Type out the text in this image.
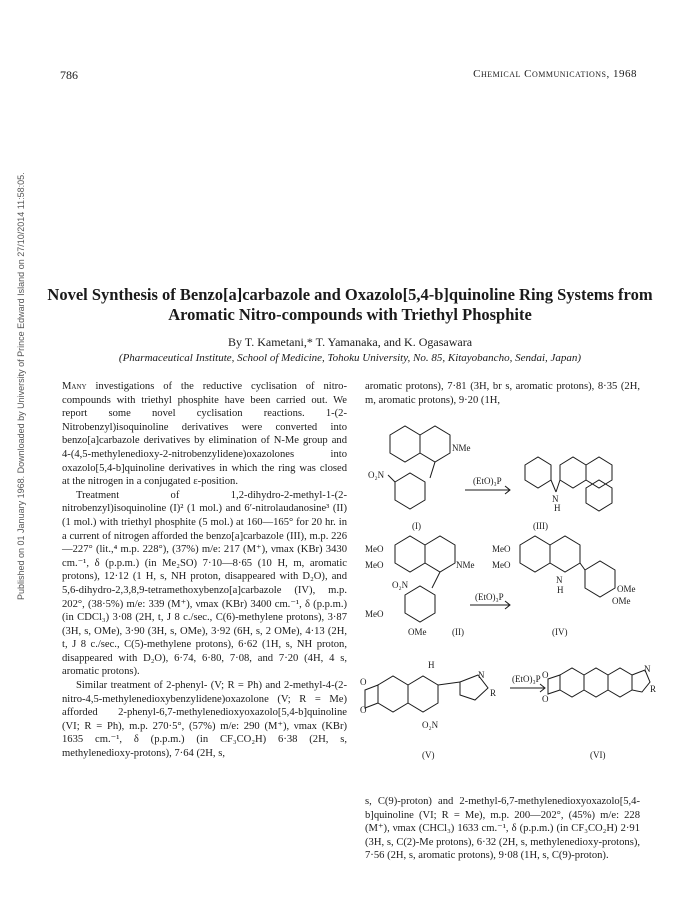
Published on 01 January 1968. Downloaded by University of Prince Edward Island on 27/10/2014 11:58:05.
786	Chemical Communications, 1968
Novel Synthesis of Benzo[a]carbazole and Oxazolo[5,4-b]quinoline Ring Systems from Aromatic Nitro-compounds with Triethyl Phosphite
By T. Kametani,* T. Yamanaka, and K. Ogasawara
(Pharmaceutical Institute, School of Medicine, Tohoku University, No. 85, Kitayobancho, Sendai, Japan)

Many investigations of the reductive cyclisation of nitro-compounds with triethyl phosphite have been carried out. We report some novel cyclisation reactions. 1-(2-Nitrobenzyl)isoquinoline derivatives were converted into benzo[a]carbazole derivatives by elimination of N-Me group and 4-(4,5-methylenedioxy-2-nitrobenzylidene)oxazolones into oxazolo[5,4-b]quinoline derivatives in which the ring was closed at the nitrogen in a conjugated ε-position.

Treatment of 1,2-dihydro-2-methyl-1-(2-nitrobenzyl)isoquinoline (I)² (1 mol.) and 6′-nitrolaudanosine³ (II) (1 mol.) with triethyl phosphite (5 mol.) at 160—165° for 20 hr. in a current of nitrogen afforded the benzo[a]carbazole (III), m.p. 226—227° (lit.,⁴ m.p. 228°), (37%) m/e: 217 (M⁺), νmax (KBr) 3430 cm.⁻¹, δ (p.p.m.) (in Me₂SO) 7·10—8·65 (10 H, m, aromatic protons), 12·12 (1 H, s, NH proton, disappeared with D₂O), and 5,6-dihydro-2,3,8,9-tetramethoxybenzo[a]carbazole (IV), m.p. 202°, (38·5%) m/e: 339 (M⁺), νmax (KBr) 3400 cm.⁻¹, δ (p.p.m.) (in CDCl₃) 3·08 (2H, t, J 8 c./sec., C(6)-methylene protons), 3·87 (3H, s, OMe), 3·90 (3H, s, OMe), 3·92 (6H, s, 2 OMe), 4·13 (2H, t, J 8 c./sec., C(5)-methylene protons), 6·62 (1H, s, NH proton, disappeared with D₂O), 6·74, 6·80, 7·08, and 7·20 (4H, 4 s, aromatic protons).

Similar treatment of 2-phenyl- (V; R = Ph) and 2-methyl-4-(2-nitro-4,5-methylenedioxybenzylidene)oxazolone (V; R = Me) afforded 2-phenyl-6,7-methylenedioxyoxazolo[5,4-b]quinoline (VI; R = Ph), m.p. 270·5°, (57%) m/e: 290 (M⁺), νmax (KBr) 1635 cm.⁻¹, δ (p.p.m.) (in CF₃CO₂H) 6·38 (2H, s, methylenedioxy-protons), 7·64 (2H, s,

aromatic protons), 7·81 (3H, br s, aromatic protons), 8·35 (2H, m, aromatic protons), 9·20 (1H,

NMe
O₂N
(EtO)₃P
N
H
(I)	(III)
MeO
MeO	NMe
O₂N
MeO
OMe	(II)
(EtO)₃P
MeO
MeO
N
H	OMe
OMe
(IV)
H
O
O
N
R
O₂N
(EtO)₃P O
O
N
R
(V)	(VI)

s, C(9)-proton) and 2-methyl-6,7-methylenedioxyoxazolo[5,4-b]quinoline (VI; R = Me), m.p. 200—202°, (45%) m/e: 228 (M⁺), νmax (CHCl₃) 1633 cm.⁻¹, δ (p.p.m.) (in CF₃CO₂H) 2·91 (3H, s, C(2)-Me protons), 6·32 (2H, s, methylenedioxy-protons), 7·56 (2H, s, aromatic protons), 9·08 (1H, s, C(9)-proton).
